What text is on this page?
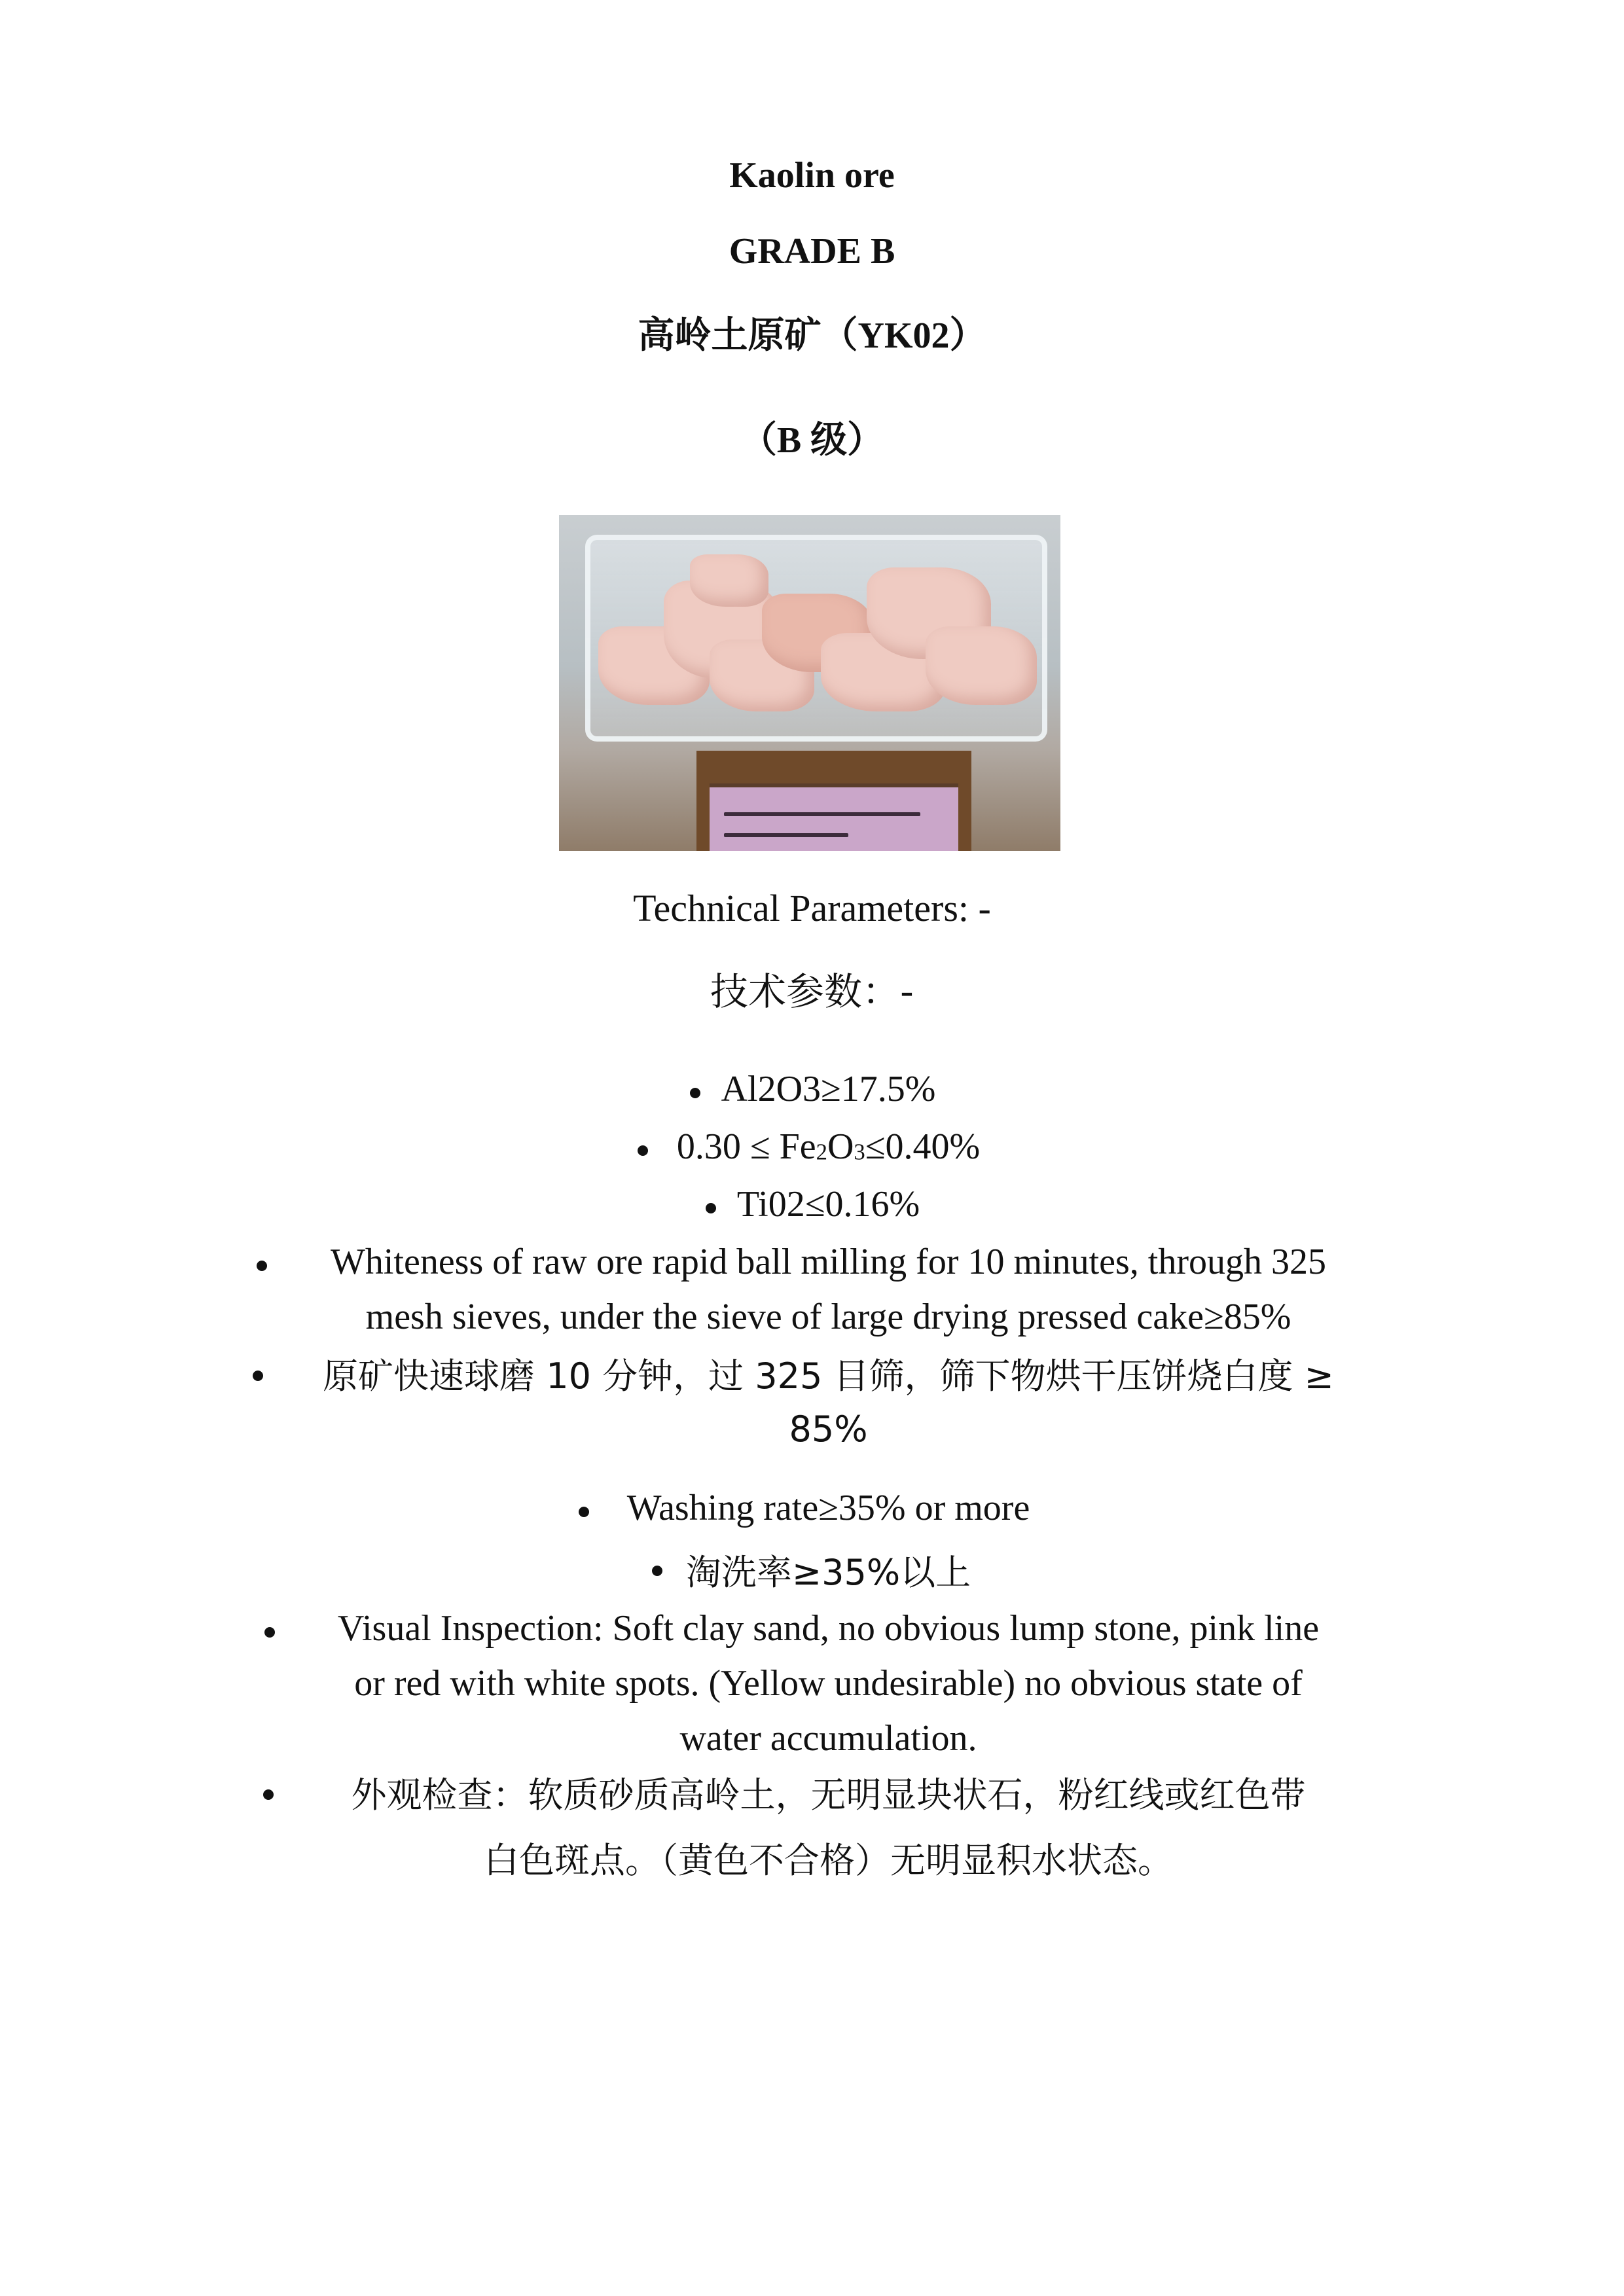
Kaolin ore
GRADE B
高岭土原矿（YK02）
（B 级）
Technical Parameters: -
技术参数：-
Al2O3≥17.5%
0.30 ≤ Fe2O3≤0.40%
Ti02≤0.16%
Whiteness of raw ore rapid ball milling for 10 minutes, through 325
mesh sieves, under the sieve of large drying pressed cake≥85%
原矿快速球磨 10 分钟，过 325 目筛，筛下物烘干压饼烧白度 ≥
85%
Washing rate≥35% or more
淘洗率≥35%以上
Visual Inspection: Soft clay sand, no obvious lump stone, pink line
or red with white spots. (Yellow undesirable) no obvious state of
water accumulation.
外观检查：软质砂质高岭土，无明显块状石，粉红线或红色带
白色斑点。（黄色不合格）无明显积水状态。
